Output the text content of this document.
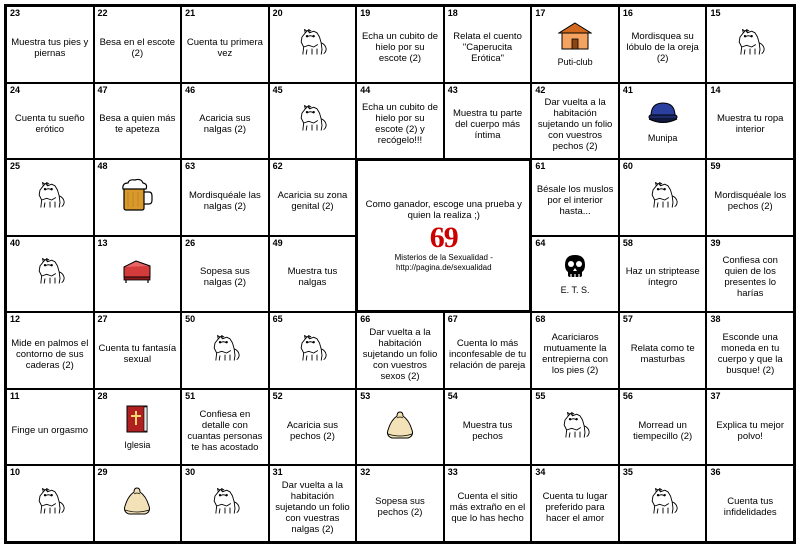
23
Muestra tus pies y piernas
22
Besa en el escote (2)
21
Cuenta tu primera vez
20	19
Echa un cubito de hielo por su escote (2)
18
Relata el cuento "Caperucita Erótica"
17
Puti-club
16
Mordisquea su lóbulo de la oreja (2)
15
24
Cuenta tu sueño erótico
47
Besa a quien más te apeteza
46
Acaricia sus nalgas (2)
45	44
Echa un cubito de hielo por su escote (2) y recógelo!!!
43
Muestra tu parte del cuerpo más íntima
42
Dar vuelta a la habitación sujetando un folio con vuestros pechos (2)
41
Munipa
14
Muestra tu ropa interior
25	48	63
Mordisquéale las nalgas (2)
62
Acaricia su zona genital (2)
61
Bésale los muslos por el interior hasta...
60	59
Mordisquéale los pechos (2)
40	13	26
Sopesa sus nalgas (2)
49
Muestra tus nalgas
64
E. T. S.
58
Haz un striptease íntegro
39
Confiesa con quien de los presentes lo harías
12
Mide en palmos el contorno de sus caderas (2)
27
Cuenta tu fantasía sexual
50	65	66
Dar vuelta a la habitación sujetando un folio con vuestros sexos (2)
67
Cuenta lo más inconfesable de tu relación de pareja
68
Acariciaros mutuamente la entrepierna con los pies (2)
57
Relata como te masturbas
38
Esconde una moneda en tu cuerpo y que la busque! (2)
11
Finge un orgasmo
28
Iglesia
51
Confiesa en detalle con cuantas personas te has acostado
52
Acaricia sus pechos (2)
53	54
Muestra tus pechos
55	56
Morread un tiempecillo (2)
37
Explica tu mejor polvo!
10	29	30	31
Dar vuelta a la habitación sujetando un folio con vuestras nalgas (2)
32
Sopesa sus pechos (2)
33
Cuenta el sitio más extraño en el que lo has hecho
34
Cuenta tu lugar preferido para hacer el amor
35	36
Cuenta tus infidelidades
Como ganador, escoge una prueba y quien la realiza ;)
69
Misterios de la Sexualidad - http://pagina.de/sexualidad
